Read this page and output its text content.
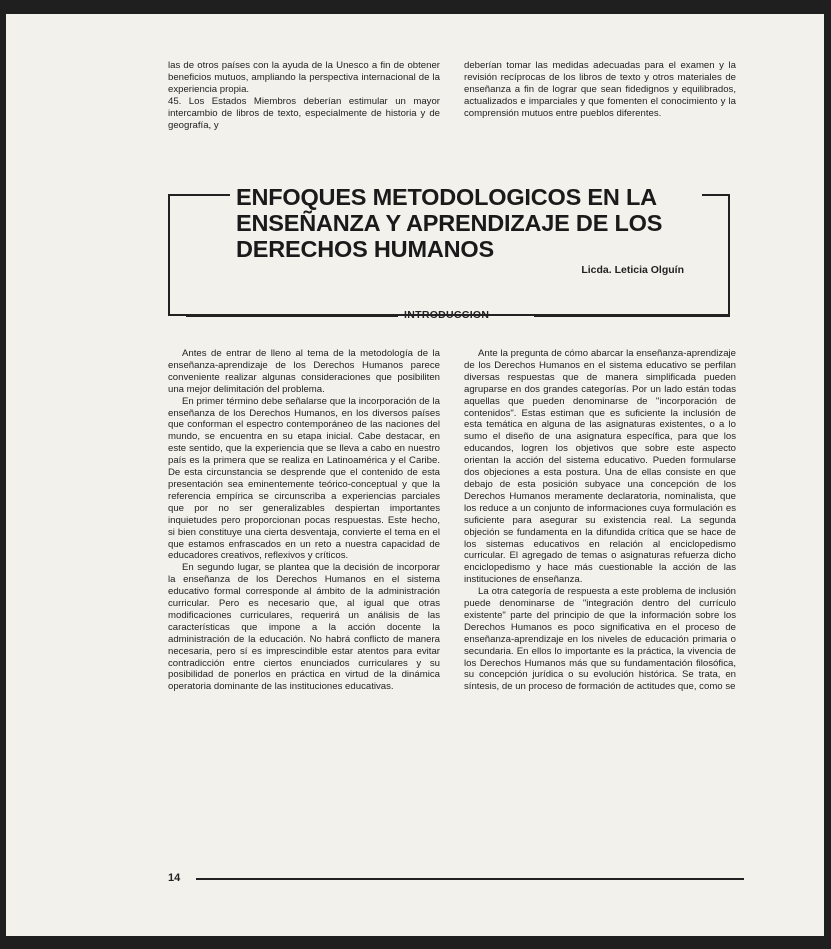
las de otros países con la ayuda de la Unesco a fin de obtener beneficios mutuos, ampliando la perspectiva internacional de la experiencia propia.

45. Los Estados Miembros deberían estimular un mayor intercambio de libros de texto, especialmente de historia y de geografía, y

deberían tomar las medidas adecuadas para el examen y la revisión recíprocas de los libros de texto y otros materiales de enseñanza a fin de lograr que sean fidedignos y equilibrados, actualizados e imparciales y que fomenten el conocimiento y la comprensión mutuos entre pueblos diferentes.

ENFOQUES METODOLOGICOS EN LA ENSEÑANZA Y APRENDIZAJE DE LOS DERECHOS HUMANOS
Licda. Leticia Olguín
INTRODUCCION

Antes de entrar de lleno al tema de la metodología de la enseñanza-aprendizaje de los Derechos Humanos parece conveniente realizar algunas consideraciones que posibiliten una mejor delimitación del problema.

En primer término debe señalarse que la incorporación de la enseñanza de los Derechos Humanos, en los diversos países que conforman el espectro contemporáneo de las naciones del mundo, se encuentra en su etapa inicial. Cabe destacar, en este sentido, que la experiencia que se lleva a cabo en nuestro país es la primera que se realiza en Latinoamérica y el Caribe. De esta circunstancia se desprende que el contenido de esta presentación sea eminentemente teórico-conceptual y que la referencia empírica se circunscriba a experiencias parciales que por no ser generalizables despiertan importantes inquietudes pero proporcionan pocas respuestas. Este hecho, si bien constituye una cierta desventaja, convierte el tema en el que estamos enfrascados en un reto a nuestra capacidad de educadores creativos, reflexivos y críticos.

En segundo lugar, se plantea que la decisión de incorporar la enseñanza de los Derechos Humanos en el sistema educativo formal corresponde al ámbito de la administración curricular. Pero es necesario que, al igual que otras modificaciones curriculares, requerirá un análisis de las características que impone a la acción docente la administración de la educación. No habrá conflicto de manera necesaria, pero sí es imprescindible estar atentos para evitar contradicción entre ciertos enunciados curriculares y su posibilidad de ponerlos en práctica en virtud de la dinámica operatoria dominante de las instituciones educativas.

Ante la pregunta de cómo abarcar la enseñanza-aprendizaje de los Derechos Humanos en el sistema educativo se perfilan diversas respuestas que de manera simplificada pueden agruparse en dos grandes categorías. Por un lado están todas aquellas que pueden denominarse de "incorporación de contenidos". Estas estiman que es suficiente la inclusión de esta temática en alguna de las asignaturas existentes, o a lo sumo el diseño de una asignatura específica, para que los educandos, logren los objetivos que sobre este aspecto orientan la acción del sistema educativo. Pueden formularse dos objeciones a esta postura. Una de ellas consiste en que debajo de esta posición subyace una concepción de los Derechos Humanos meramente declaratoria, nominalista, que los reduce a un conjunto de informaciones cuya formulación es suficiente para asegurar su existencia real. La segunda objeción se fundamenta en la difundida crítica que se hace de los sistemas educativos en relación al enciclopedismo curricular. El agregado de temas o asignaturas refuerza dicho enciclopedismo y hace más cuestionable la acción de las instituciones de enseñanza.

La otra categoría de respuesta a este problema de inclusión puede denominarse de "integración dentro del currículo existente" parte del principio de que la información sobre los Derechos Humanos es poco significativa en el proceso de enseñanza-aprendizaje en los niveles de educación primaria o secundaria. En ellos lo importante es la práctica, la vivencia de los Derechos Humanos más que su fundamentación filosófica, su concepción jurídica o su evolución histórica. Se trata, en síntesis, de un proceso de formación de actitudes que, como se

14
